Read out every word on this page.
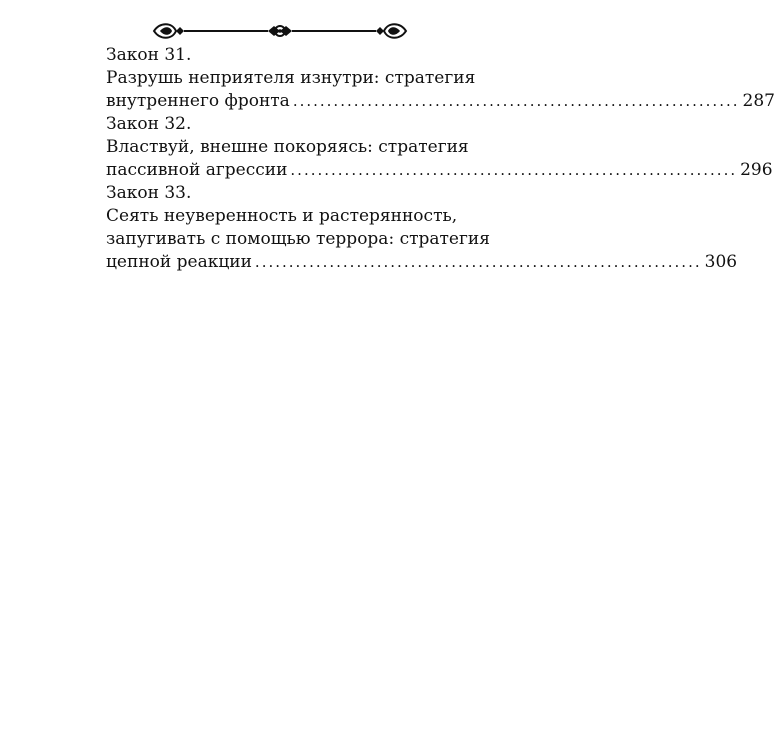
Закон 31.
Разрушь неприятеля изнутри: стратегия
внутреннего фронта .................................................................. 287
Закон 32.
Властвуй, внешне покоряясь: стратегия
пассивной агрессии .................................................................. 296
Закон 33.
Сеять неуверенность и растерянность,
запугивать с помощью террора: стратегия
цепной реакции .................................................................. 306
